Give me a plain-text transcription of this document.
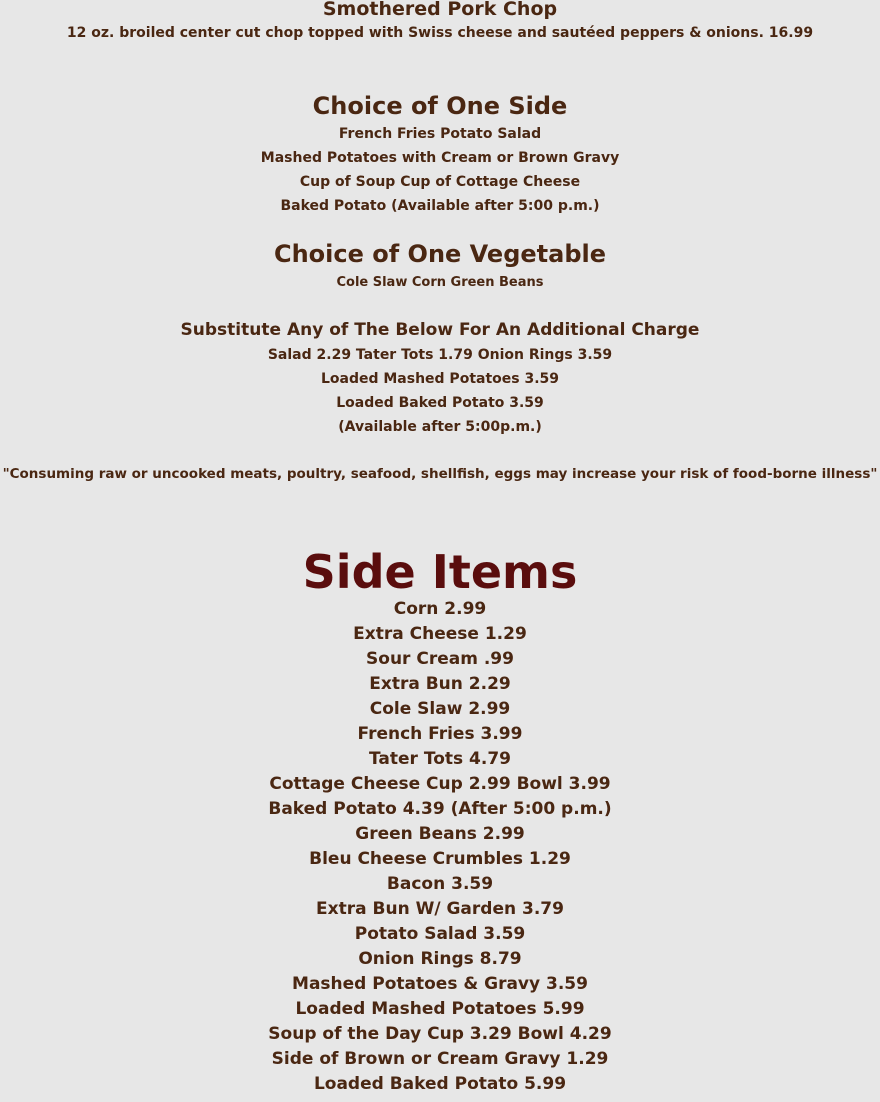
Smothered Pork Chop
12 oz. broiled center cut chop topped with Swiss cheese and sautéed peppers & onions. 16.99
Choice of One Side
French Fries Potato Salad
Mashed Potatoes with Cream or Brown Gravy
Cup of Soup Cup of Cottage Cheese
Baked Potato (Available after 5:00 p.m.)
Choice of One Vegetable
Cole Slaw Corn Green Beans
Substitute Any of The Below For An Additional Charge
Salad 2.29 Tater Tots 1.79 Onion Rings 3.59
Loaded Mashed Potatoes 3.59
Loaded Baked Potato 3.59
(Available after 5:00p.m.)
"Consuming raw or uncooked meats, poultry, seafood, shellfish, eggs may increase your risk of food-borne illness"
Side Items
Corn 2.99
Extra Cheese 1.29
Sour Cream .99
Extra Bun 2.29
Cole Slaw 2.99
French Fries 3.99
Tater Tots 4.79
Cottage Cheese Cup 2.99 Bowl 3.99
Baked Potato 4.39 (After 5:00 p.m.)
Green Beans 2.99
Bleu Cheese Crumbles 1.29
Bacon 3.59
Extra Bun W/ Garden 3.79
Potato Salad 3.59
Onion Rings 8.79
Mashed Potatoes & Gravy 3.59
Loaded Mashed Potatoes 5.99
Soup of the Day Cup 3.29 Bowl 4.29
Side of Brown or Cream Gravy 1.29
Loaded Baked Potato 5.99
